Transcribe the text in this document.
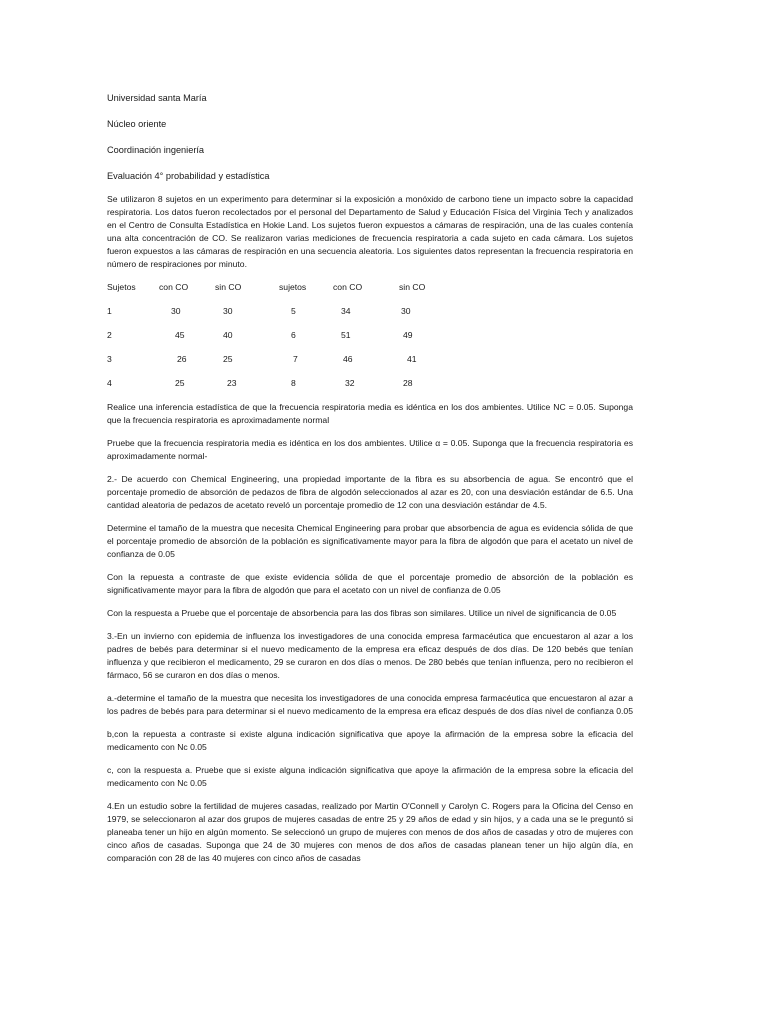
Universidad santa María
Núcleo oriente
Coordinación ingeniería
Evaluación 4° probabilidad y estadística

Se utilizaron 8 sujetos en un experimento para determinar si la exposición a monóxido de carbono tiene un impacto sobre la capacidad respiratoria. Los datos fueron recolectados por el personal del Departamento de Salud y Educación Física del Virginia Tech y analizados en el Centro de Consulta Estadística en Hokie Land. Los sujetos fueron expuestos a cámaras de respiración, una de las cuales contenía una alta concentración de CO. Se realizaron varias mediciones de frecuencia respiratoria a cada sujeto en cada cámara. Los sujetos fueron expuestos a las cámaras de respiración en una secuencia aleatoria. Los siguientes datos representan la frecuencia respiratoria en número de respiraciones por minuto.

Sujetos	con CO	sin CO	sujetos	con CO	sin CO
1	30	30	5	34	30
2	45	40	6	51	49
3	26	25	7	46	41
4	25	23	8	32	28

Realice una inferencia estadística de que la frecuencia respiratoria media es idéntica en los dos ambientes. Utilice NC = 0.05. Suponga que la frecuencia respiratoria es aproximadamente normal

Pruebe que la frecuencia respiratoria media es idéntica en los dos ambientes. Utilice α = 0.05. Suponga que la frecuencia respiratoria es aproximadamente normal-

2.- De acuerdo con Chemical Engineering, una propiedad importante de la fibra es su absorbencia de agua. Se encontró que el porcentaje promedio de absorción de pedazos de fibra de algodón seleccionados al azar es 20, con una desviación estándar de 6.5. Una cantidad aleatoria de pedazos de acetato reveló un porcentaje promedio de 12 con una desviación estándar de 4.5.

Determine el tamaño de la muestra que necesita Chemical Engineering para probar que absorbencia de agua es evidencia sólida de que el porcentaje promedio de absorción de la población es significativamente mayor para la fibra de algodón que para el acetato un nivel de confianza de 0.05

Con la repuesta a contraste de que existe evidencia sólida de que el porcentaje promedio de absorción de la población es significativamente mayor para la fibra de algodón que para el acetato con un nivel de confianza de 0.05

Con la respuesta a Pruebe que el porcentaje de absorbencia para las dos fibras son similares. Utilice un nivel de significancia de 0.05

3.-En un invierno con epidemia de influenza los investigadores de una conocida empresa farmacéutica que encuestaron al azar a los padres de bebés para determinar si el nuevo medicamento de la empresa era eficaz después de dos días. De 120 bebés que tenían influenza y que recibieron el medicamento, 29 se curaron en dos días o menos. De 280 bebés que tenían influenza, pero no recibieron el fármaco, 56 se curaron en dos días o menos.

a.-determine el tamaño de la muestra que necesita los investigadores de una conocida empresa farmacéutica que encuestaron al azar a los padres de bebés para para determinar si el nuevo medicamento de la empresa era eficaz después de dos días nivel de confianza 0.05

b,con la repuesta a contraste si existe alguna indicación significativa que apoye la afirmación de la empresa sobre la eficacia del medicamento con Nc 0.05

c, con la respuesta a. Pruebe que si existe alguna indicación significativa que apoye la afirmación de la empresa sobre la eficacia del medicamento con Nc 0.05

4.En un estudio sobre la fertilidad de mujeres casadas, realizado por Martin O'Connell y Carolyn C. Rogers para la Oficina del Censo en 1979, se seleccionaron al azar dos grupos de mujeres casadas de entre 25 y 29 años de edad y sin hijos, y a cada una se le preguntó si planeaba tener un hijo en algún momento. Se seleccionó un grupo de mujeres con menos de dos años de casadas y otro de mujeres con cinco años de casadas. Suponga que 24 de 30 mujeres con menos de dos años de casadas planean tener un hijo algún día, en comparación con 28 de las 40 mujeres con cinco años de casadas
